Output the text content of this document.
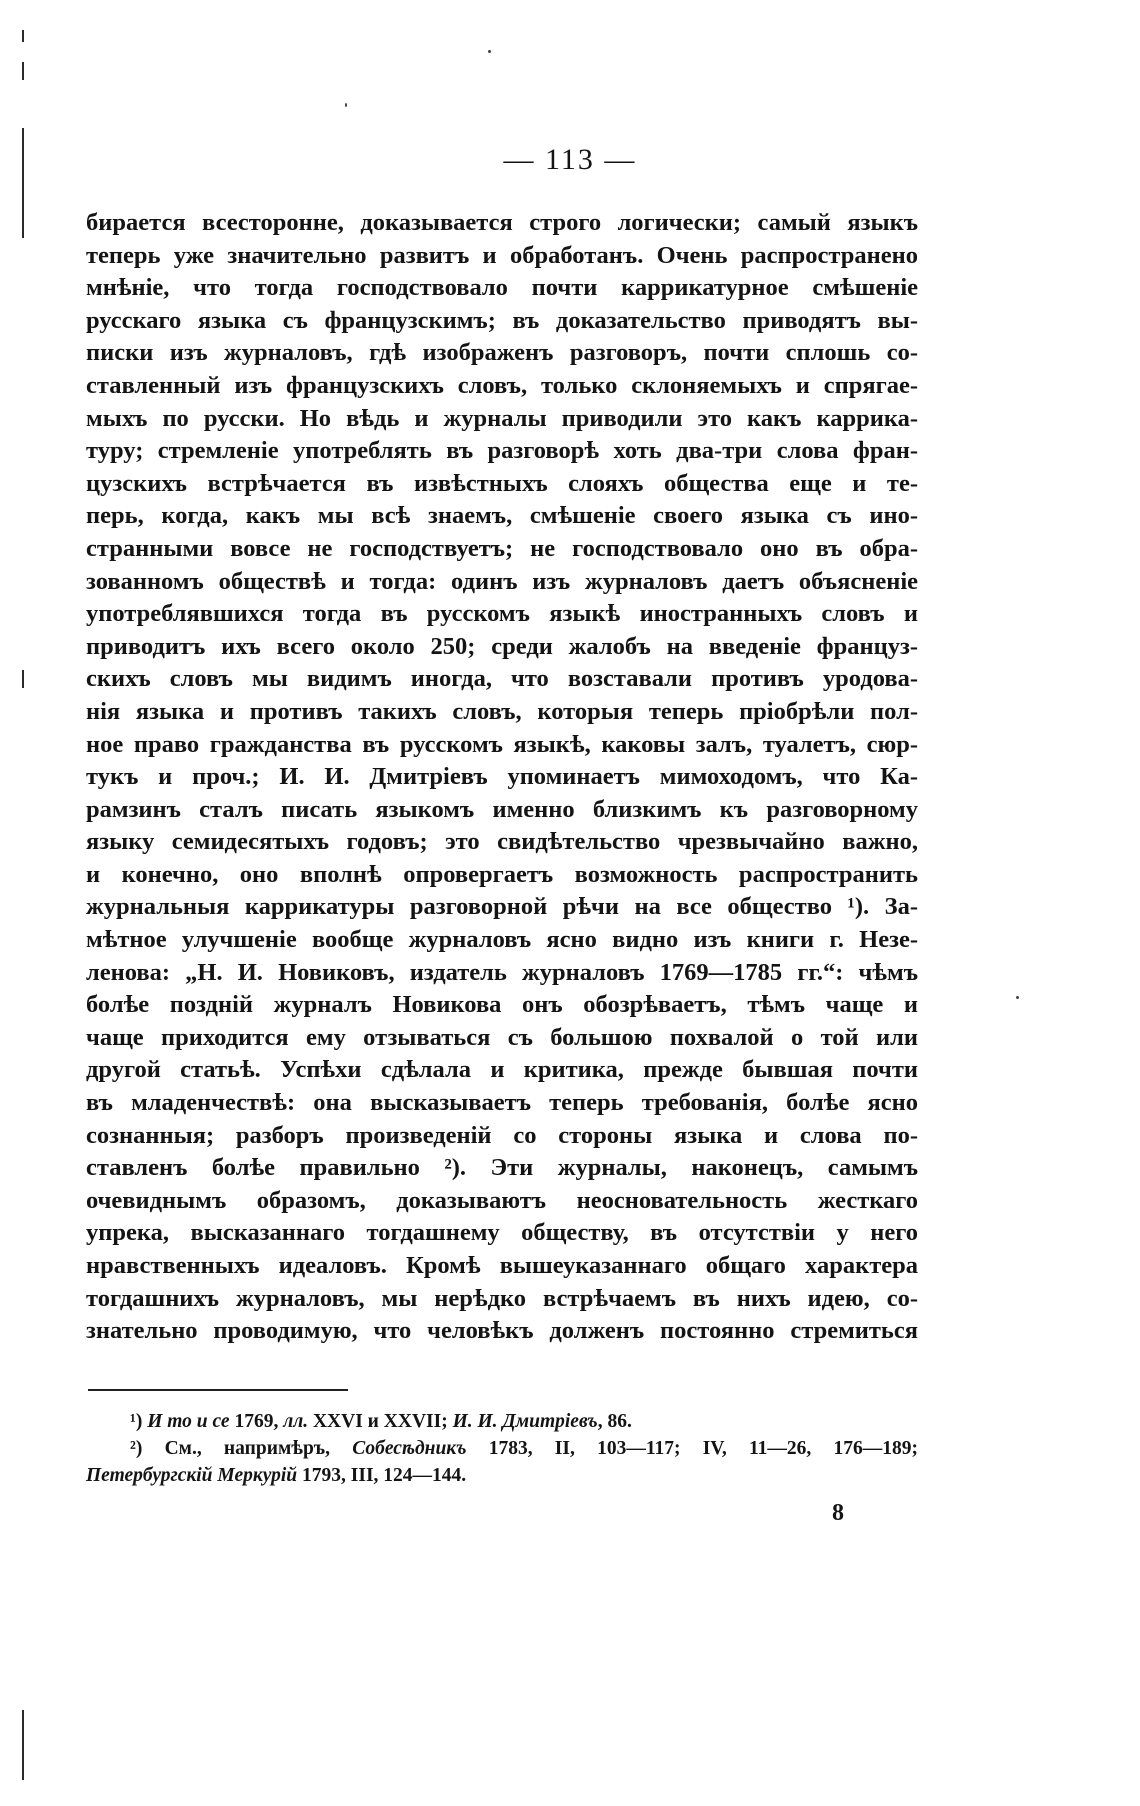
— 113 —
бирается всесторонне, доказывается строго логически; самый языкъ
теперь уже значительно развитъ и обработанъ. Очень распространено
мнѣніе, что тогда господствовало почти каррикатурное смѣшеніе
русскаго языка съ французскимъ; въ доказательство приводятъ вы-
писки изъ журналовъ, гдѣ изображенъ разговоръ, почти сплошь со-
ставленный изъ французскихъ словъ, только склоняемыхъ и спрягае-
мыхъ по русски. Но вѣдь и журналы приводили это какъ каррика-
туру; стремленіе употреблять въ разговорѣ хоть два-три слова фран-
цузскихъ встрѣчается въ извѣстныхъ слояхъ общества еще и те-
перь, когда, какъ мы всѣ знаемъ, смѣшеніе своего языка съ ино-
странными вовсе не господствуетъ; не господствовало оно въ обра-
зованномъ обществѣ и тогда: одинъ изъ журналовъ даетъ объясненіе
употреблявшихся тогда въ русскомъ языкѣ иностранныхъ словъ и
приводитъ ихъ всего около 250; среди жалобъ на введеніе француз-
скихъ словъ мы видимъ иногда, что возставали противъ уродова-
нія языка и противъ такихъ словъ, которыя теперь пріобрѣли пол-
ное право гражданства въ русскомъ языкѣ, каковы залъ, туалетъ, сюр-
тукъ и проч.; И. И. Дмитріевъ упоминаетъ мимоходомъ, что Ка-
рамзинъ сталъ писать языкомъ именно близкимъ къ разговорному
языку семидесятыхъ годовъ; это свидѣтельство чрезвычайно важно,
и конечно, оно вполнѣ опровергаетъ возможность распространить
журнальныя каррикатуры разговорной рѣчи на все общество ¹). За-
мѣтное улучшеніе вообще журналовъ ясно видно изъ книги г. Незе-
ленова: „Н. И. Новиковъ, издатель журналовъ 1769—1785 гг.“: чѣмъ
болѣе поздній журналъ Новикова онъ обозрѣваетъ, тѣмъ чаще и
чаще приходится ему отзываться съ большою похвалой о той или
другой статьѣ. Успѣхи сдѣлала и критика, прежде бывшая почти
въ младенчествѣ: она высказываетъ теперь требованія, болѣе ясно
сознанныя; разборъ произведеній со стороны языка и слова по-
ставленъ болѣе правильно ²). Эти журналы, наконецъ, самымъ
очевиднымъ образомъ, доказываютъ неосновательность жесткаго
упрека, высказаннаго тогдашнему обществу, въ отсутствіи у него
нравственныхъ идеаловъ. Кромѣ вышеуказаннаго общаго характера
тогдашнихъ журналовъ, мы нерѣдко встрѣчаемъ въ нихъ идею, со-
знательно проводимую, что человѣкъ долженъ постоянно стремиться
¹) И то и се 1769, лл. XXVI и XXVII; И. И. Дмитріевъ, 86.
²) См., напримѣръ, Собесѣдникъ 1783, II, 103—117; IV, 11—26, 176—189;
Петербургскій Меркурій 1793, III, 124—144.
8
